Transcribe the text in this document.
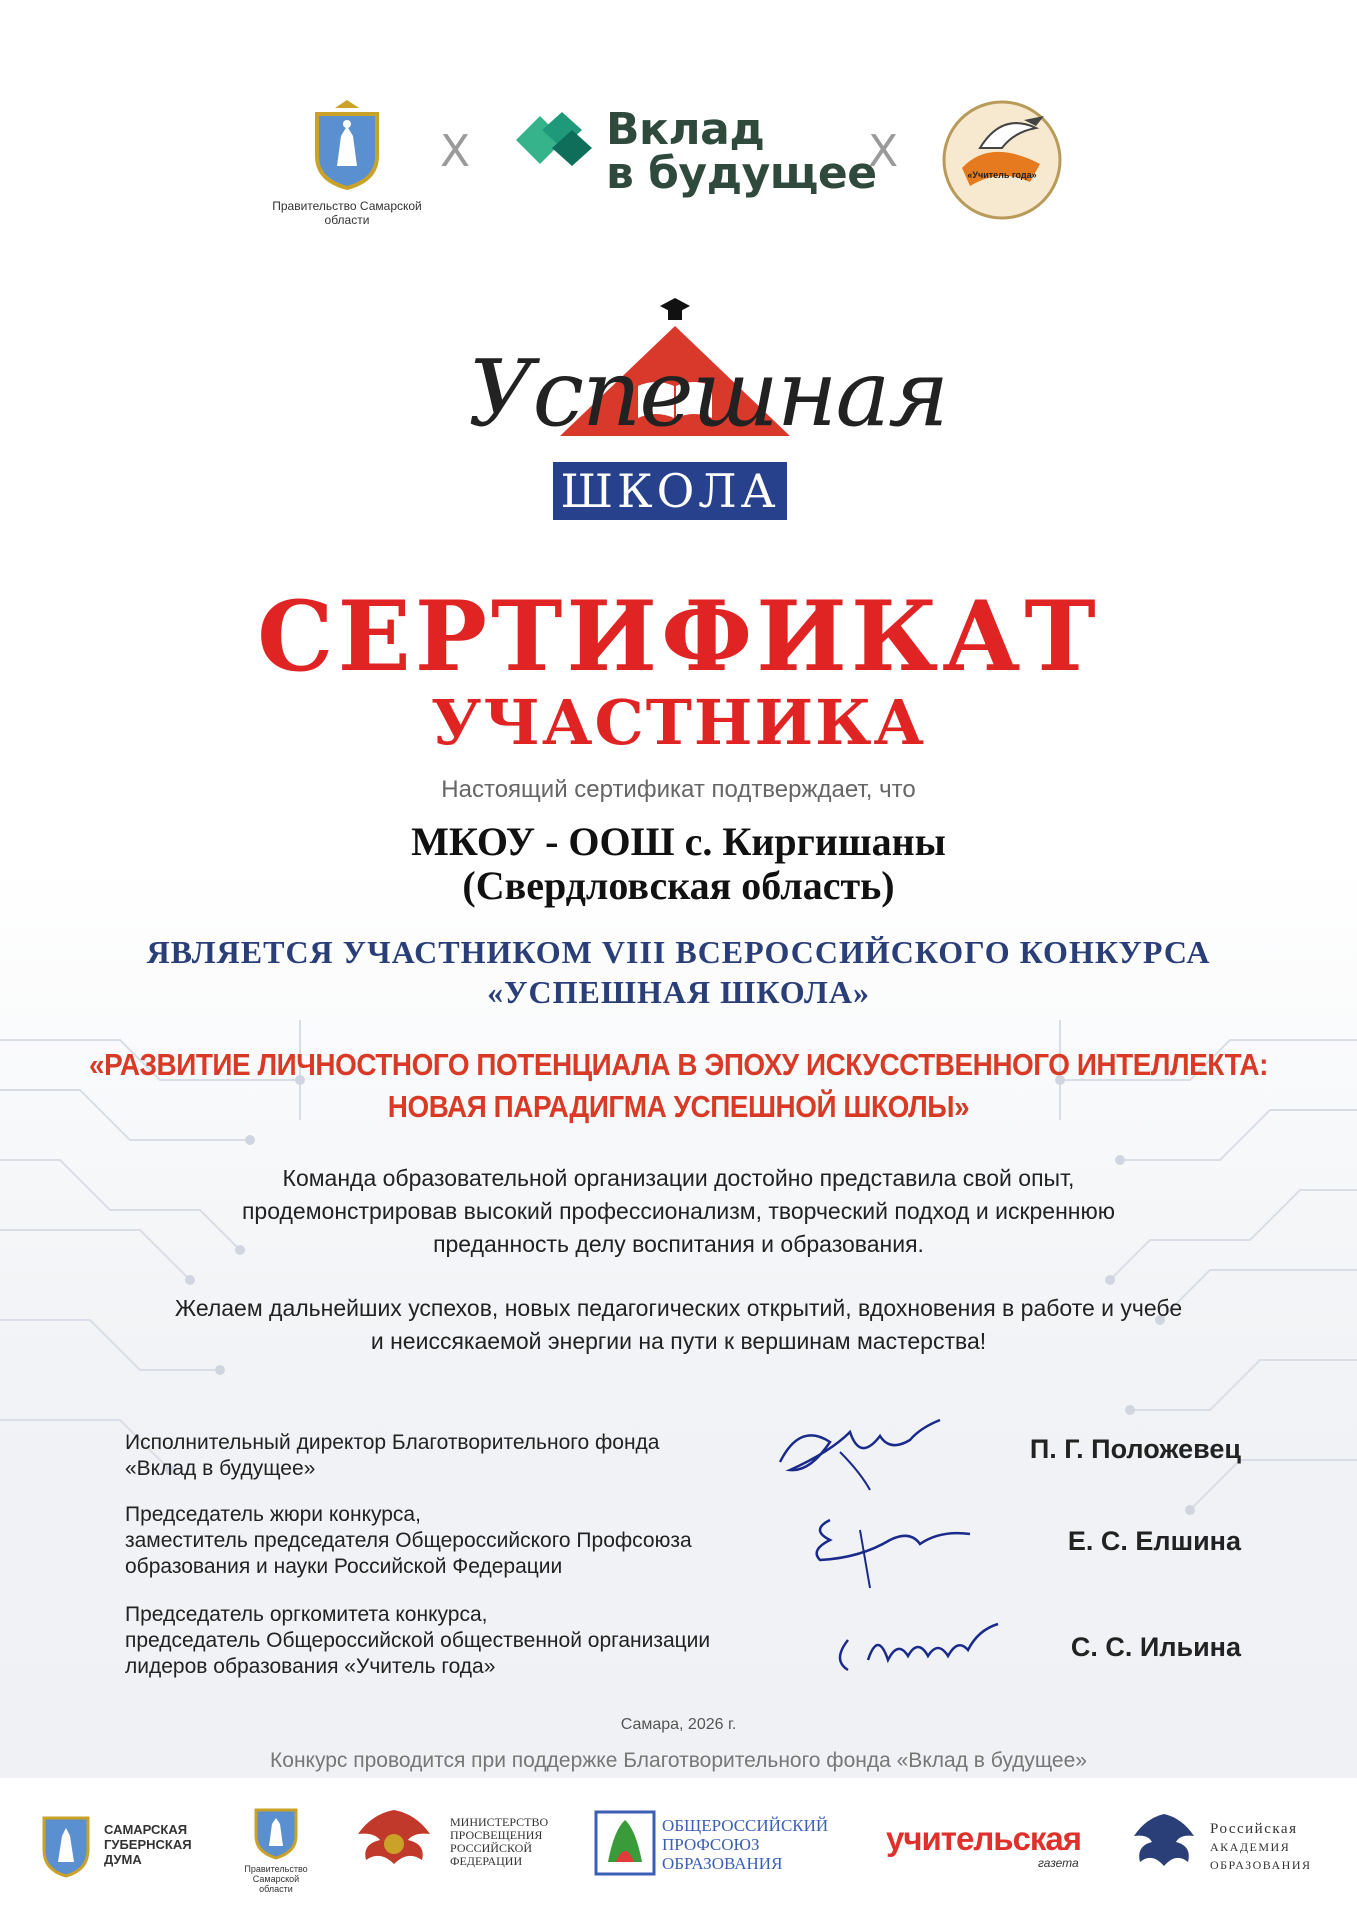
Правительство Самарской области
X	Вклад
в будущее
X	«Учитель года»
Успешная
ШКОЛА
СЕРТИФИКАТ
УЧАСТНИКА
Настоящий сертификат подтверждает, что
МКОУ - ООШ с. Киргишаны
(Свердловская область)
ЯВЛЯЕТСЯ УЧАСТНИКОМ VIII ВСЕРОССИЙСКОГО КОНКУРСА
«УСПЕШНАЯ ШКОЛА»
«РАЗВИТИЕ ЛИЧНОСТНОГО ПОТЕНЦИАЛА В ЭПОХУ ИСКУССТВЕННОГО ИНТЕЛЛЕКТА:
НОВАЯ ПАРАДИГМА УСПЕШНОЙ ШКОЛЫ»
Команда образовательной организации достойно представила свой опыт,
продемонстрировав высокий профессионализм, творческий подход и искреннюю
преданность делу воспитания и образования.
Желаем дальнейших успехов, новых педагогических открытий, вдохновения в работе и учебе
и неиссякаемой энергии на пути к вершинам мастерства!
Исполнительный директор Благотворительного фонда
«Вклад в будущее»
П. Г. Положевец
Председатель жюри конкурса,
заместитель председателя Общероссийского Профсоюза
образования и науки Российской Федерации
Е. С. Елшина
Председатель оргкомитета конкурса,
председатель Общероссийской общественной организации
лидеров образования «Учитель года»
С. С. Ильина
Самара, 2026 г.
Конкурс проводится при поддержке Благотворительного фонда «Вклад в будущее»
САМАРСКАЯ
ГУБЕРНСКАЯ
ДУМА
Правительство Самарской области
МИНИСТЕРСТВО
ПРОСВЕЩЕНИЯ
РОССИЙСКОЙ
ФЕДЕРАЦИИ
ОБЩЕРОССИЙСКИЙ
ПРОФСОЮЗ
ОБРАЗОВАНИЯ
учительская
газета
Российская
АКАДЕМИЯ
ОБРАЗОВАНИЯ
